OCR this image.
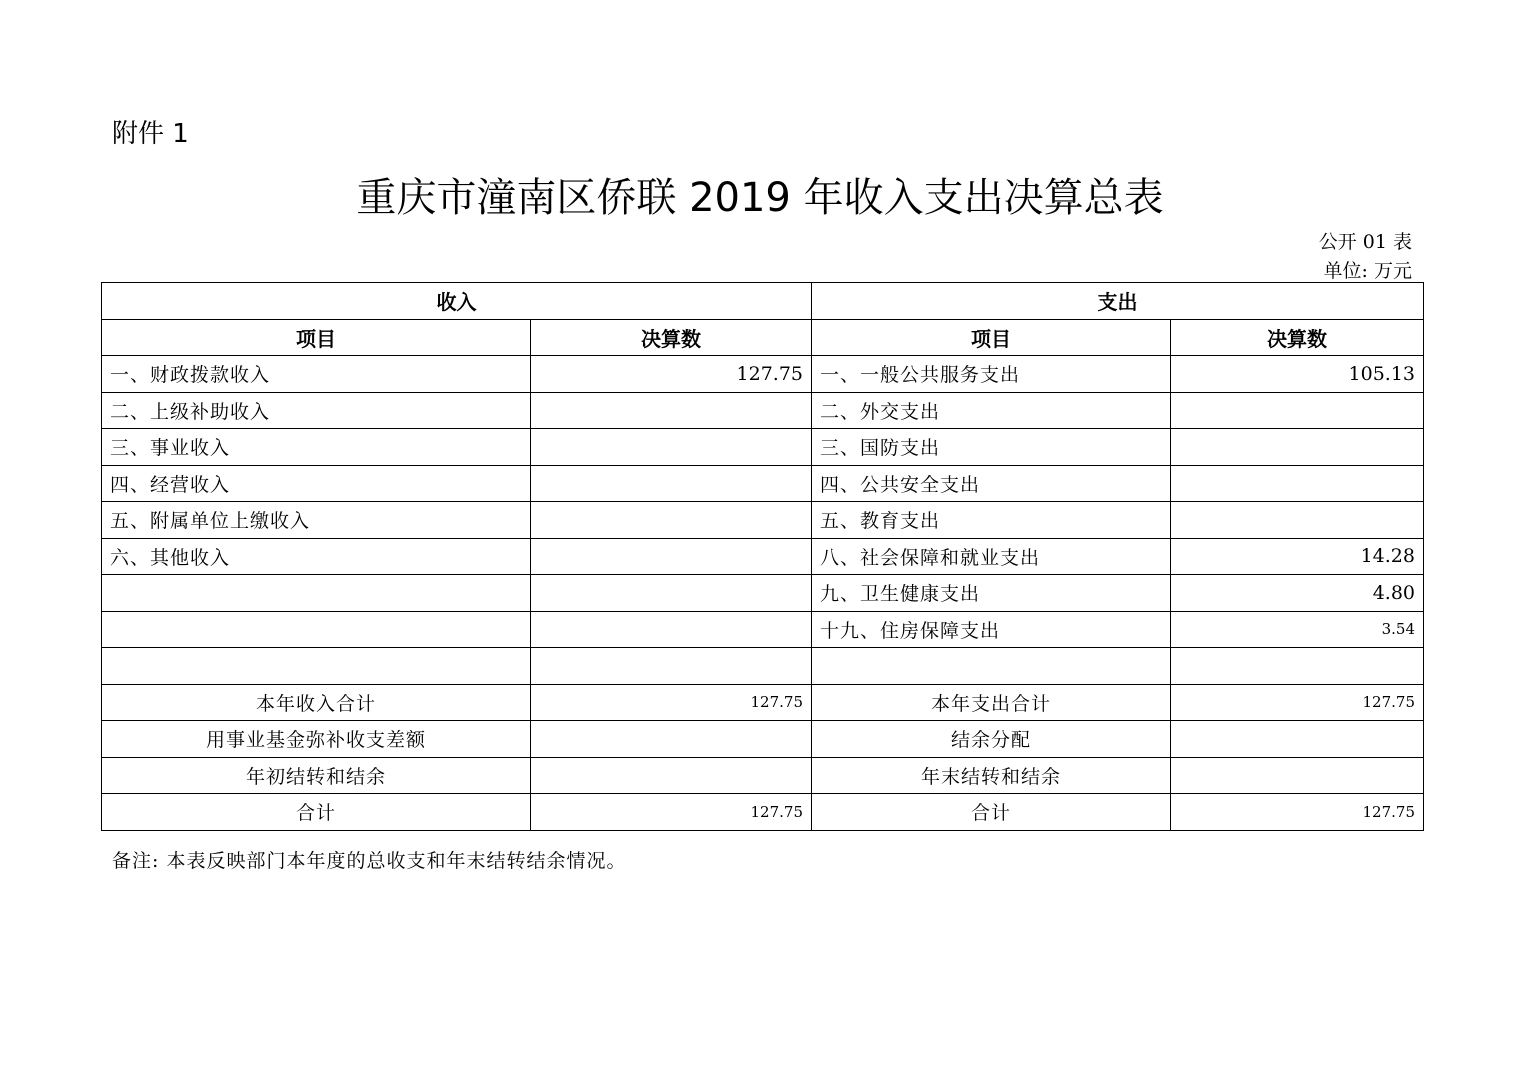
附件 1
重庆市潼南区侨联 2019 年收入支出决算总表
公开 01 表
单位: 万元
收入		支出	
项目	决算数	项目	决算数
一、财政拨款收入	127.75	一、一般公共服务支出	105.13
二、上级补助收入		二、外交支出	
三、事业收入		三、国防支出	
四、经营收入		四、公共安全支出	
五、附属单位上缴收入		五、教育支出	
六、其他收入		八、社会保障和就业支出	14.28
		九、卫生健康支出	4.80
		十九、住房保障支出	3.54

本年收入合计	127.75	本年支出合计	127.75
用事业基金弥补收支差额		结余分配	
年初结转和结余		年末结转和结余	
合计	127.75	合计	127.75
备注: 本表反映部门本年度的总收支和年末结转结余情况。
